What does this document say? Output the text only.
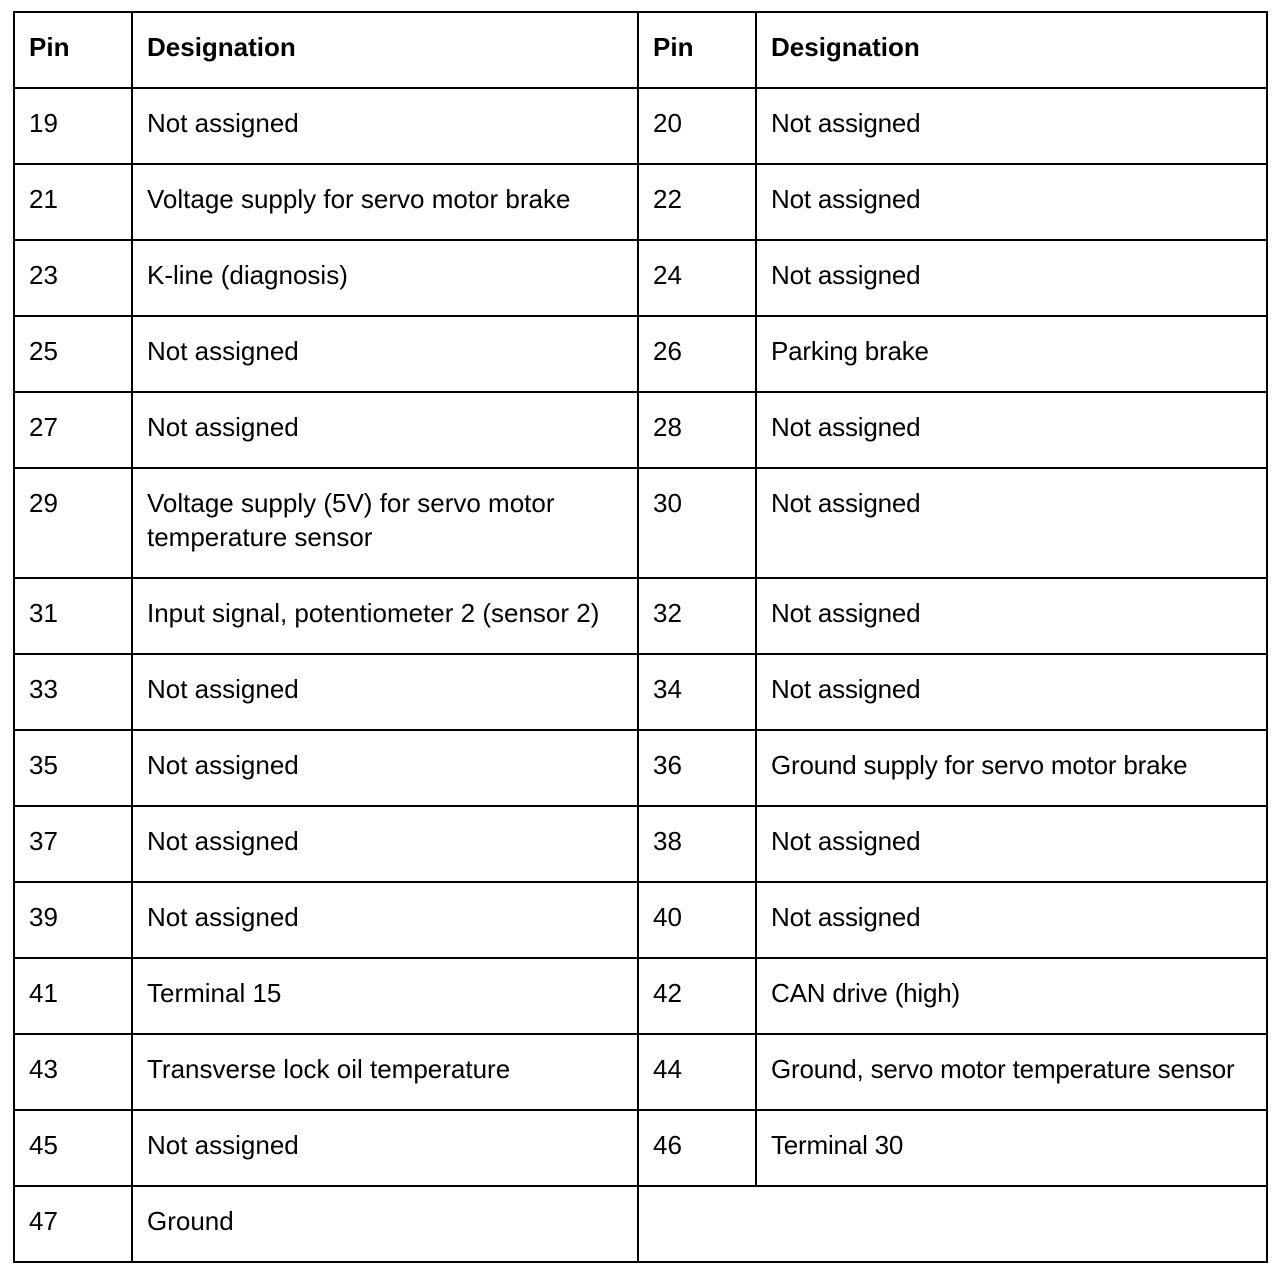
Pin	Designation	Pin	Designation
19	Not assigned	20	Not assigned
21	Voltage supply for servo motor brake	22	Not assigned
23	K-line (diagnosis)	24	Not assigned
25	Not assigned	26	Parking brake
27	Not assigned	28	Not assigned
29	Voltage supply (5V) for servo motor temperature sensor	30	Not assigned
31	Input signal, potentiometer 2 (sensor 2)	32	Not assigned
33	Not assigned	34	Not assigned
35	Not assigned	36	Ground supply for servo motor brake
37	Not assigned	38	Not assigned
39	Not assigned	40	Not assigned
41	Terminal 15	42	CAN drive (high)
43	Transverse lock oil temperature	44	Ground, servo motor temperature sensor
45	Not assigned	46	Terminal 30
47	Ground		
